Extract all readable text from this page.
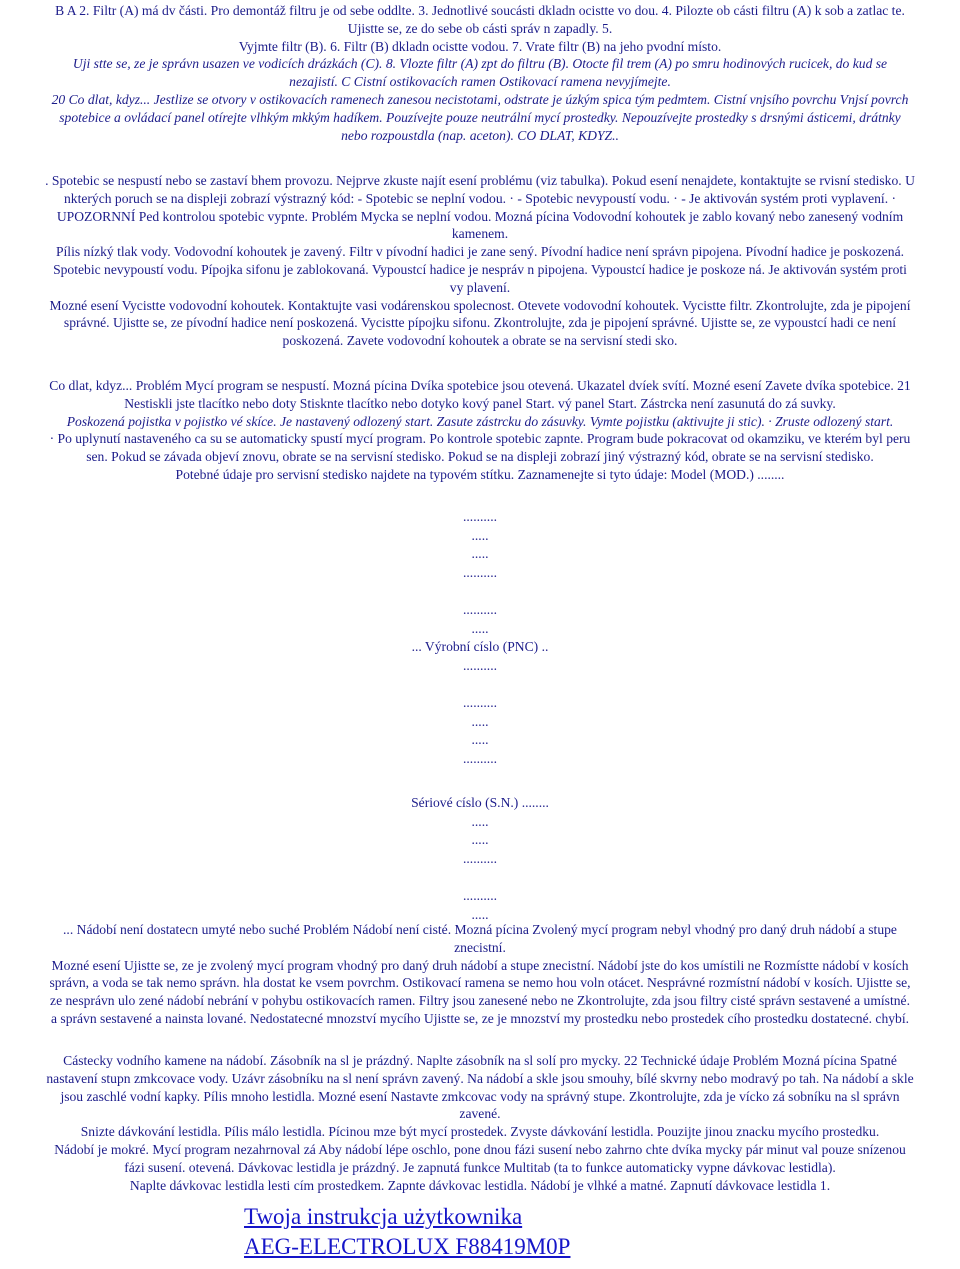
B A 2. Filtr (A) má dv části. Pro demontáž filtru je od sebe oddlte. 3. Jednotlivé soucásti dkladn ocistte vo dou. 4. Pilozte ob cásti filtru (A) k sob a zatlac te.
Ujistte se, ze do sebe ob cásti správ n zapadly. 5.
Vyjmte filtr (B). 6. Filtr (B) dkladn ocistte vodou. 7. Vrate filtr (B) na jeho pvodní místo.
Uji stte se, ze je správn usazen ve vodicích drázkách (C). 8. Vlozte filtr (A) zpt do filtru (B). Otocte fil trem (A) po smru hodinových rucicek, do kud se
nezajistí. C Cistní ostikovacích ramen Ostikovací ramena nevyjímejte.
20 Co dlat, kdyz... Jestlize se otvory v ostikovacích ramenech zanesou necistotami, odstrate je úzkým spica tým pedmtem. Cistní vnjsího povrchu Vnjsí povrch
spotebice a ovládací panel otírejte vlhkým mkkým hadíkem. Pouzívejte pouze neutrální mycí prostedky. Nepouzívejte prostedky s drsnými ásticemi, drátnky
nebo rozpoustdla (nap. aceton). CO DLAT, KDYZ..
. Spotebic se nespustí nebo se zastaví bhem provozu. Nejprve zkuste najít esení problému (viz tabulka). Pokud esení nenajdete, kontaktujte se rvisní stedisko. U
nkterých poruch se na displeji zobrazí výstrazný kód: - Spotebic se neplní vodou. · - Spotebic nevypoustí vodu. · - Je aktivován systém proti vyplavení. ·
UPOZORNNÍ Ped kontrolou spotebic vypnte. Problém Mycka se neplní vodou. Mozná pícina Vodovodní kohoutek je zablo kovaný nebo zanesený vodním
kamenem.
Pílis nízký tlak vody. Vodovodní kohoutek je zavený. Filtr v pívodní hadici je zane sený. Pívodní hadice není správn pipojena. Pívodní hadice je poskozená.
Spotebic nevypoustí vodu. Pípojka sifonu je zablokovaná. Vypoustcí hadice je nespráv n pipojena. Vypoustcí hadice je poskoze ná. Je aktivován systém proti
vy plavení.
Mozné esení Vycistte vodovodní kohoutek. Kontaktujte vasi vodárenskou spolecnost. Otevete vodovodní kohoutek. Vycistte filtr. Zkontrolujte, zda je pipojení
správné. Ujistte se, ze pívodní hadice není poskozená. Vycistte pípojku sifonu. Zkontrolujte, zda je pipojení správné. Ujistte se, ze vypoustcí hadi ce není
poskozená. Zavete vodovodní kohoutek a obrate se na servisní stedi sko.
Co dlat, kdyz... Problém Mycí program se nespustí. Mozná pícina Dvíka spotebice jsou otevená. Ukazatel dvíek svítí. Mozné esení Zavete dvíka spotebice. 21
Nestiskli jste tlacítko nebo doty Stisknte tlacítko nebo dotyko kový panel Start. vý panel Start. Zástrcka není zasunutá do zá suvky.
Poskozená pojistka v pojistko vé skíce. Je nastavený odlozený start. Zasute zástrcku do zásuvky. Vymte pojistku (aktivujte ji stic). · Zruste odlozený start.
· Po uplynutí nastaveného ca su se automaticky spustí mycí program. Po kontrole spotebic zapnte. Program bude pokracovat od okamziku, ve kterém byl peru
sen. Pokud se závada objeví znovu, obrate se na servisní stedisko. Pokud se na displeji zobrazí jiný výstrazný kód, obrate se na servisní stedisko.
Potebné údaje pro servisní stedisko najdete na typovém stítku. Zaznamenejte si tyto údaje: Model (MOD.) ........
..........
.....
.....
..........
..........
.....
... Výrobní císlo (PNC) ..
..........
..........
.....
.....
..........
Sériové císlo (S.N.) ........
.....
.....
..........
..........
.....
... Nádobí není dostatecn umyté nebo suché Problém Nádobí není cisté. Mozná pícina Zvolený mycí program nebyl vhodný pro daný druh nádobí a stupe
znecistní.
Mozné esení Ujistte se, ze je zvolený mycí program vhodný pro daný druh nádobí a stupe znecistní. Nádobí jste do kos umístili ne Rozmístte nádobí v kosích
správn, a voda se tak nemo správn. hla dostat ke vsem povrchm. Ostikovací ramena se nemo hou voln otácet. Nesprávné rozmístní nádobí v kosích. Ujistte se,
ze nesprávn ulo zené nádobí nebrání v pohybu ostikovacích ramen. Filtry jsou zanesené nebo ne Zkontrolujte, zda jsou filtry cisté správn sestavené a umístné.
a správn sestavené a nainsta lované. Nedostatecné mnozství mycího Ujistte se, ze je mnozství my prostedku nebo prostedek cího prostedku dostatecné. chybí.
Cástecky vodního kamene na nádobí. Zásobník na sl je prázdný. Naplte zásobník na sl solí pro mycky. 22 Technické údaje Problém Mozná pícina Spatné
nastavení stupn zmkcovace vody. Uzávr zásobníku na sl není správn zavený. Na nádobí a skle jsou smouhy, bílé skvrny nebo modravý po tah. Na nádobí a skle
jsou zaschlé vodní kapky. Pílis mnoho lestidla. Mozné esení Nastavte zmkcovac vody na správný stupe. Zkontrolujte, zda je vícko zá sobníku na sl správn
zavené.
Snizte dávkování lestidla. Pílis málo lestidla. Pícinou mze být mycí prostedek. Zvyste dávkování lestidla. Pouzijte jinou znacku mycího prostedku.
Nádobí je mokré. Mycí program nezahrnoval zá Aby nádobí lépe oschlo, pone dnou fázi susení nebo zahrno chte dvíka mycky pár minut val pouze snízenou
fázi susení. otevená. Dávkovac lestidla je prázdný. Je zapnutá funkce Multitab (ta to funkce automaticky vypne dávkovac lestidla).
Naplte dávkovac lestidla lesti cím prostedkem. Zapnte dávkovac lestidla. Nádobí je vlhké a matné. Zapnutí dávkovace lestidla 1.
Twoja instrukcja użytkownika
AEG-ELECTROLUX F88419M0P
